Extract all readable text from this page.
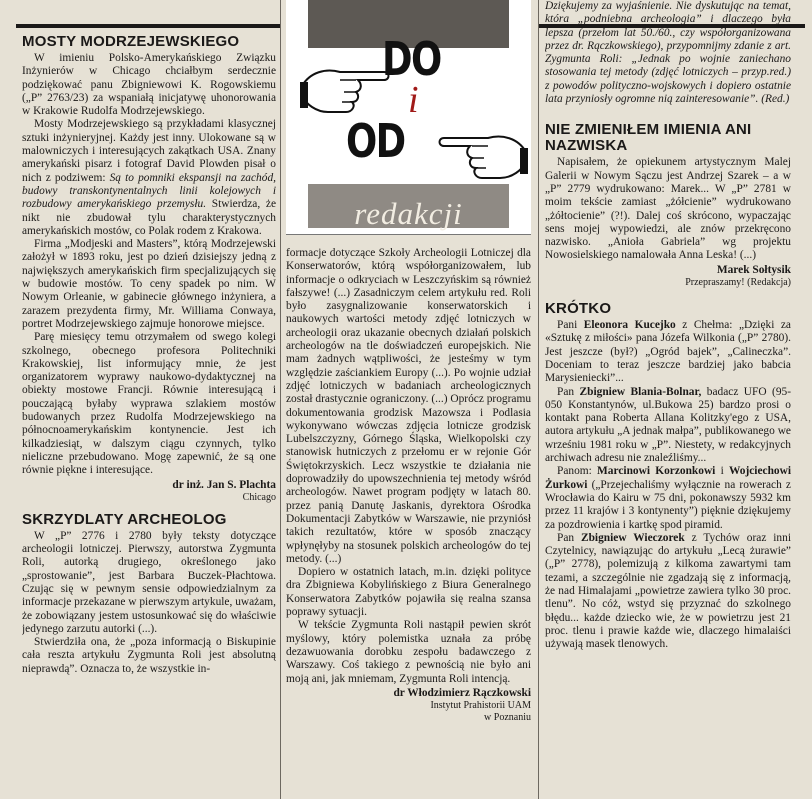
MOSTY MODRZEJEWSKIEGO

W imieniu Polsko-Amerykańskiego Związku Inżynierów w Chicago chciałbym serdecznie podziękować panu Zbigniewowi K. Rogowskiemu („P” 2763/23) za wspaniałą inicjatywę uhonorowania w Krakowie Rudolfa Modrzejewskiego.

Mosty Modrzejewskiego są przykładami klasycznej sztuki inżynieryjnej. Każdy jest inny. Ulokowane są w malowniczych i interesujących zakątkach USA. Znany amerykański pisarz i fotograf David Plowden pisał o nich z podziwem: Są to pomniki ekspansji na zachód, budowy transkontynentalnych linii kolejowych i rozbudowy amerykańskiego przemysłu. Stwierdza, że nikt nie zbudował tylu charakterystycznych amerykańskich mostów, co Polak rodem z Krakowa.

Firma „Modjeski and Masters”, którą Modrzejewski założył w 1893 roku, jest po dzień dzisiejszy jedną z największych amerykańskich firm specjalizujących się w budowie mostów. To ceny spadek po nim. W Nowym Orleanie, w gabinecie głównego inżyniera, a zarazem prezydenta firmy, Mr. Williama Conwaya, portret Modrzejewskiego zajmuje honorowe miejsce.

Parę miesięcy temu otrzymałem od swego kolegi szkolnego, obecnego profesora Politechniki Krakowskiej, list informujący mnie, że jest organizatorem wyprawy naukowo-dydaktycznej na obiekty mostowe Francji. Równie interesującą i pouczającą byłaby wyprawa szlakiem mostów budowanych przez Rudolfa Modrzejewskiego na północnoamerykańskim kontynencie. Jest ich kilkadziesiąt, w dalszym ciągu czynnych, tylko nieliczne przebudowano. Mogę zapewnić, że są one równie piękne i interesujące.

dr inż. Jan S. Plachta
Chicago
SKRZYDLATY ARCHEOLOG

W „P” 2776 i 2780 były teksty dotyczące archeologii lotniczej. Pierwszy, autorstwa Zygmunta Roli, autorką drugiego, określonego jako „sprostowanie”, jest Barbara Buczek-Płachtowa. Czując się w pewnym sensie odpowiedzialnym za informacje przekazane w pierwszym artykule, uważam, że zobowiązany jestem ustosunkować się do właściwie jedynego zarzutu autorki (...).

Stwierdziła ona, że „poza informacją o Biskupinie cała reszta artykułu Zygmunta Roli jest absolutną nieprawdą”. Oznacza to, że wszystkie in-

DO
i
OD
redakcji

formacje dotyczące Szkoły Archeologii Lotniczej dla Konserwatorów, którą współorganizowałem, lub informacje o odkryciach w Leszczyńskim są również fałszywe! (...) Zasadniczym celem artykułu red. Roli było zasygnalizowanie konserwatorskich i naukowych wartości metody zdjęć lotniczych w archeologii oraz ukazanie obecnych działań polskich archeologów na tle doświadczeń europejskich. Nie mam żadnych wątpliwości, że jesteśmy w tym względzie zaściankiem Europy (...). Po wojnie udział zdjęć lotniczych w badaniach archeologicznych został drastycznie ograniczony. (...) Oprócz programu dokumentowania grodzisk Mazowsza i Podlasia wykonywano wówczas zdjęcia lotnicze grodzisk Lubelszczyzny, Górnego Śląska, Wielkopolski czy stanowisk hutniczych z przełomu er w rejonie Gór Świętokrzyskich. Lecz wszystkie te działania nie doprowadziły do upowszechnienia tej metody wśród archeologów. Nawet program podjęty w latach 80. przez panią Danutę Jaskanis, dyrektora Ośrodka Dokumentacji Zabytków w Warszawie, nie przyniósł takich rezultatów, które w sposób znaczący wpłynęłyby na stosunek polskich archeologów do tej metody. (...)

Dopiero w ostatnich latach, m.in. dzięki polityce dra Zbigniewa Kobylińskiego z Biura Generalnego Konserwatora Zabytków pojawiła się realna szansa poprawy sytuacji.

W tekście Zygmunta Roli nastąpił pewien skrót myślowy, który polemistka uznała za próbę dezawuowania dorobku zespołu badawczego z Warszawy. Coś takiego z pewnością nie było ani moją ani, jak mniemam, Zygmunta Roli intencją.

dr Włodzimierz Rączkowski
Instytut Prahistorii UAM
w Poznaniu

Dziękujemy za wyjaśnienie. Nie dyskutując na temat, która „podniebna archeologia” i dlaczego była lepsza (przełom lat 50./60., czy współorganizowana przez dr. Rączkowskiego), przypomnijmy zdanie z art. Zygmunta Roli: „Jednak po wojnie zaniechano stosowania tej metody (zdjęć lotniczych – przyp.red.) z powodów polityczno-wojskowych i dopiero ostatnie lata przyniosły ogromne nią zainteresowanie”. (Red.)

NIE ZMIENIŁEM IMIENIA ANI NAZWISKA

Napisałem, że opiekunem artystycznym Malej Galerii w Nowym Sączu jest Andrzej Szarek – a w „P” 2779 wydrukowano: Marek... W „P” 2781 w moim tekście zamiast „żółcienie” wydrukowano „żółtocienie” (?!). Dalej coś skrócono, wypaczając sens mojej wypowiedzi, ale znów przekręcono nazwisko. „Anioła Gabriela” wg projektu Nowosielskiego namalowała Anna Leska! (...)

Marek Sołtysik
Przepraszamy! (Redakcja)
KRÓTKO

Pani Eleonora Kucejko z Chełma: „Dzięki za «Sztukę z miłości» pana Józefa Wilkonia („P” 2780). Jest jeszcze (był?) „Ogród bajek”, „Calineczka”. Doceniam to teraz jeszcze bardziej jako babcia Marysieniecki”...

Pan Zbigniew Blania-Bolnar, badacz UFO (95-050 Konstantynów, ul.Bukowa 25) bardzo prosi o kontakt pana Roberta Allana Kolitzky'ego z USA, autora artykułu „A jednak małpa”, publikowanego we wrześniu 1981 roku w „P”. Niestety, w redakcyjnych archiwach adresu nie znaleźliśmy...

Panom: Marcinowi Korzonkowi i Wojciechowi Żurkowi („Przejechaliśmy wyłącznie na rowerach z Wrocławia do Kairu w 75 dni, pokonawszy 5932 km przez 11 krajów i 3 kontynenty”) pięknie dziękujemy za pozdrowienia i kartkę spod piramid.

Pan Zbigniew Wieczorek z Tychów oraz inni Czytelnicy, nawiązując do artykułu „Lecą żurawie” („P” 2778), polemizują z kilkoma zawartymi tam tezami, a szczególnie nie zgadzają się z informacją, że nad Himalajami „powietrze zawiera tylko 30 proc. tlenu”. No cóż, wstyd się przyznać do szkolnego błędu... każde dziecko wie, że w powietrzu jest 21 proc. tlenu i prawie każde wie, dlaczego himalaiści używają masek tlenowych.
